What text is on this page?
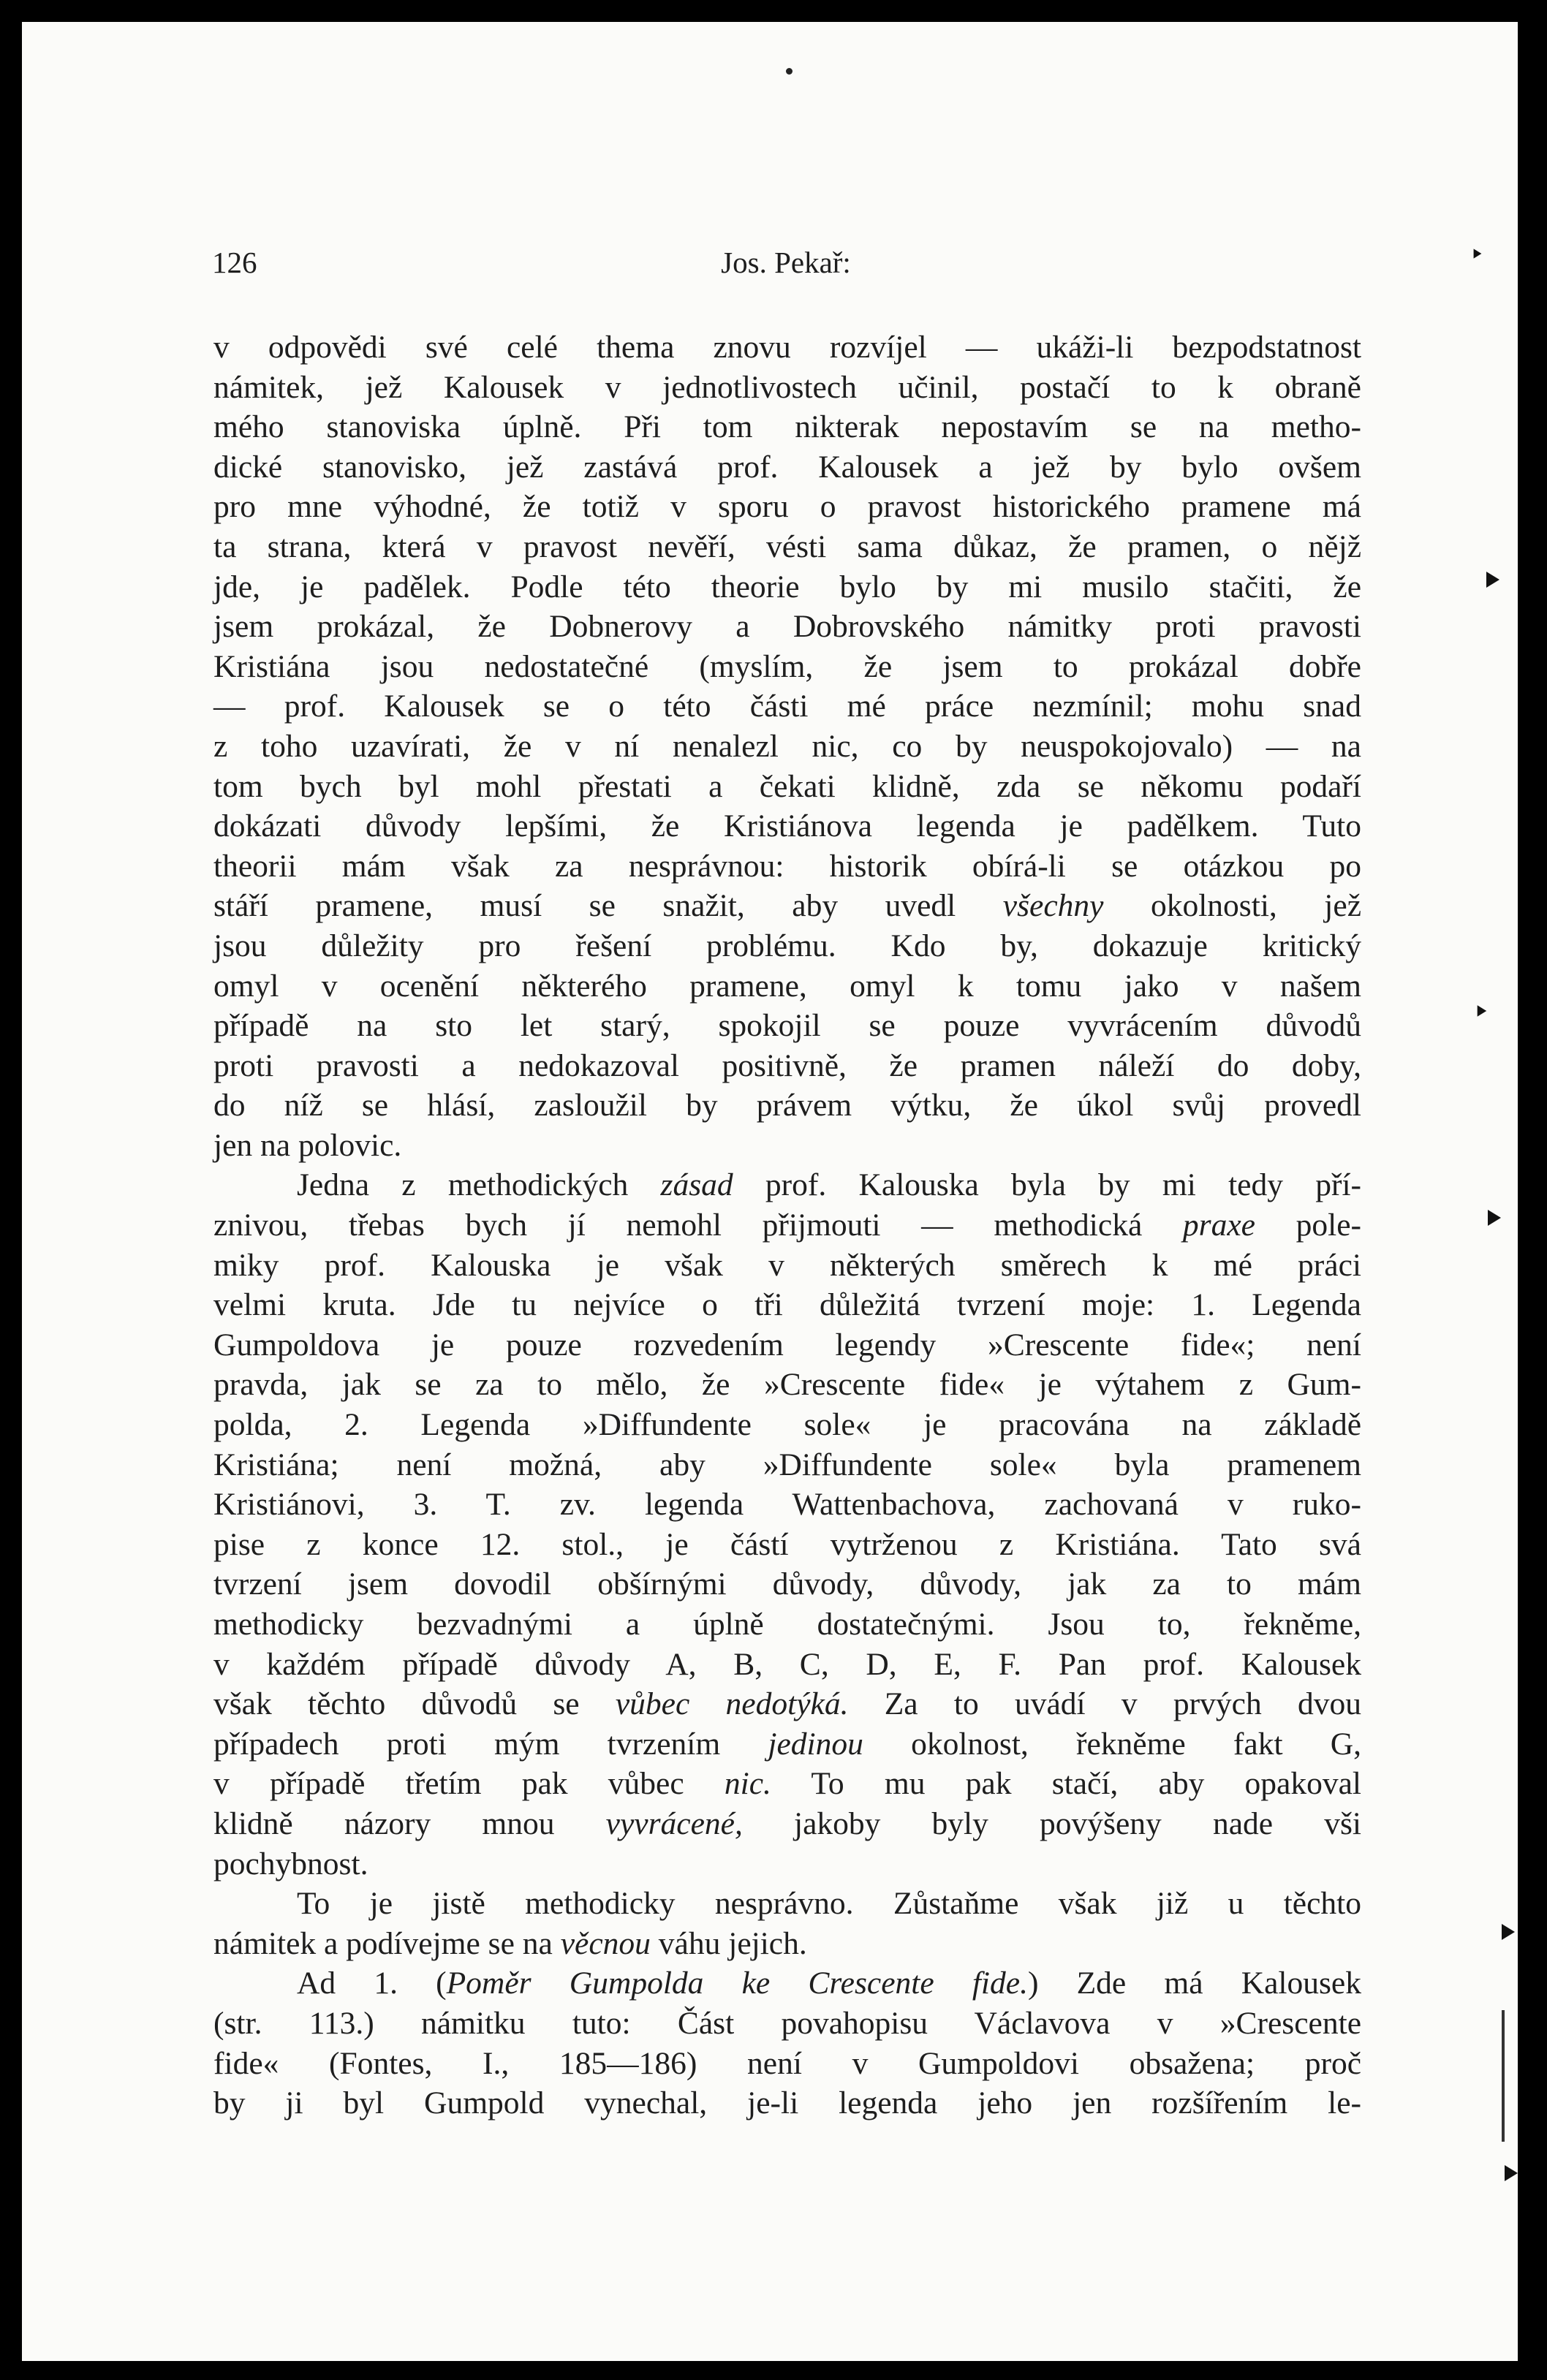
126	Jos. Pekař:
v odpovědi své celé thema znovu rozvíjel — ukáži-li bezpodstatnost
námitek, jež Kalousek v jednotlivostech učinil, postačí to k obraně
mého stanoviska úplně. Při tom nikterak nepostavím se na metho-
dické stanovisko, jež zastává prof. Kalousek a jež by bylo ovšem
pro mne výhodné, že totiž v sporu o pravost historického pramene má
ta strana, která v pravost nevěří, vésti sama důkaz, že pramen, o nějž
jde, je padělek. Podle této theorie bylo by mi musilo stačiti, že
jsem prokázal, že Dobnerovy a Dobrovského námitky proti pravosti
Kristiána jsou nedostatečné (myslím, že jsem to prokázal dobře
— prof. Kalousek se o této části mé práce nezmínil; mohu snad
z toho uzavírati, že v ní nenalezl nic, co by neuspokojovalo) — na
tom bych byl mohl přestati a čekati klidně, zda se někomu podaří
dokázati důvody lepšími, že Kristiánova legenda je padělkem. Tuto
theorii mám však za nesprávnou: historik obírá-li se otázkou po
stáří pramene, musí se snažit, aby uvedl všechny okolnosti, jež
jsou důležity pro řešení problému. Kdo by, dokazuje kritický
omyl v ocenění některého pramene, omyl k tomu jako v našem
případě na sto let starý, spokojil se pouze vyvrácením důvodů
proti pravosti a nedokazoval positivně, že pramen náleží do doby,
do níž se hlásí, zasloužil by právem výtku, že úkol svůj provedl
jen na polovic.
Jedna z methodických zásad prof. Kalouska byla by mi tedy pří-
znivou, třebas bych jí nemohl přijmouti — methodická praxe pole-
miky prof. Kalouska je však v některých směrech k mé práci
velmi kruta. Jde tu nejvíce o tři důležitá tvrzení moje: 1. Legenda
Gumpoldova je pouze rozvedením legendy »Crescente fide«; není
pravda, jak se za to mělo, že »Crescente fide« je výtahem z Gum-
polda, 2. Legenda »Diffundente sole« je pracována na základě
Kristiána; není možná, aby »Diffundente sole« byla pramenem
Kristiánovi, 3. T. zv. legenda Wattenbachova, zachovaná v ruko-
pise z konce 12. stol., je částí vytrženou z Kristiána. Tato svá
tvrzení jsem dovodil obšírnými důvody, důvody, jak za to mám
methodicky bezvadnými a úplně dostatečnými. Jsou to, řekněme,
v každém případě důvody A, B, C, D, E, F. Pan prof. Kalousek
však těchto důvodů se vůbec nedotýká. Za to uvádí v prvých dvou
případech proti mým tvrzením jedinou okolnost, řekněme fakt G,
v případě třetím pak vůbec nic. To mu pak stačí, aby opakoval
klidně názory mnou vyvrácené, jakoby byly povýšeny nade vši
pochybnost.
To je jistě methodicky nesprávno. Zůstaňme však již u těchto
námitek a podívejme se na věcnou váhu jejich.
Ad 1. (Poměr Gumpolda ke Crescente fide.) Zde má Kalousek
(str. 113.) námitku tuto: Část povahopisu Václavova v »Crescente
fide« (Fontes, I., 185—186) není v Gumpoldovi obsažena; proč
by ji byl Gumpold vynechal, je-li legenda jeho jen rozšířením le-
